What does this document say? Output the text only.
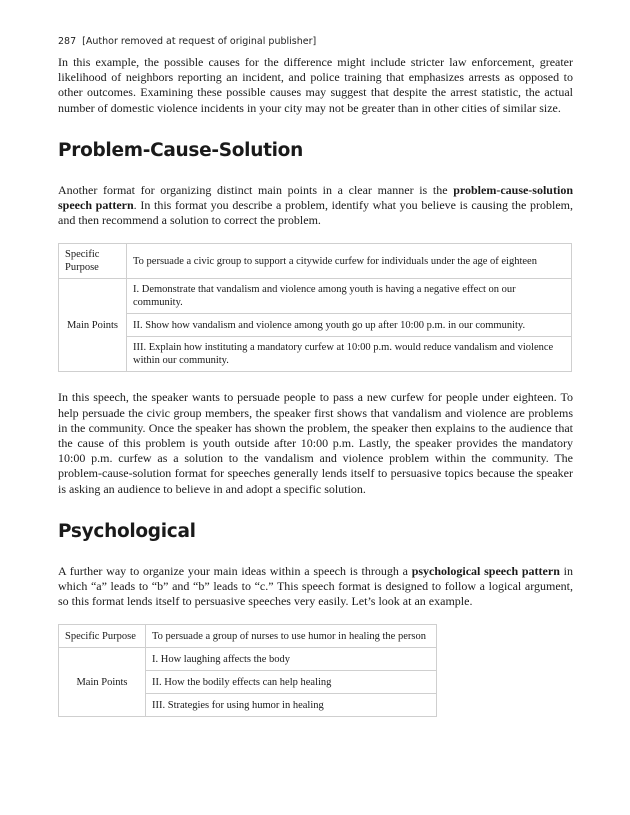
287 [Author removed at request of original publisher]

In this example, the possible causes for the difference might include stricter law enforcement, greater likelihood of neighbors reporting an incident, and police training that emphasizes arrests as opposed to other outcomes. Examining these possible causes may suggest that despite the arrest statistic, the actual number of domestic violence incidents in your city may not be greater than in other cities of similar size.

Problem-Cause-Solution

Another format for organizing distinct main points in a clear manner is the problem-cause-solution speech pattern. In this format you describe a problem, identify what you believe is causing the problem, and then recommend a solution to correct the problem.

Specific Purpose	To persuade a civic group to support a citywide curfew for individuals under the age of eighteen
Main Points	I. Demonstrate that vandalism and violence among youth is having a negative effect on our community.
	II. Show how vandalism and violence among youth go up after 10:00 p.m. in our community.
	III. Explain how instituting a mandatory curfew at 10:00 p.m. would reduce vandalism and violence within our community.

In this speech, the speaker wants to persuade people to pass a new curfew for people under eighteen. To help persuade the civic group members, the speaker first shows that vandalism and violence are problems in the community. Once the speaker has shown the problem, the speaker then explains to the audience that the cause of this problem is youth outside after 10:00 p.m. Lastly, the speaker provides the mandatory 10:00 p.m. curfew as a solution to the vandalism and violence problem within the community. The problem-cause-solution format for speeches generally lends itself to persuasive topics because the speaker is asking an audience to believe in and adopt a specific solution.

Psychological

A further way to organize your main ideas within a speech is through a psychological speech pattern in which “a” leads to “b” and “b” leads to “c.” This speech format is designed to follow a logical argument, so this format lends itself to persuasive speeches very easily. Let’s look at an example.

Specific Purpose	To persuade a group of nurses to use humor in healing the person
Main Points	I. How laughing affects the body
	II. How the bodily effects can help healing
	III. Strategies for using humor in healing
